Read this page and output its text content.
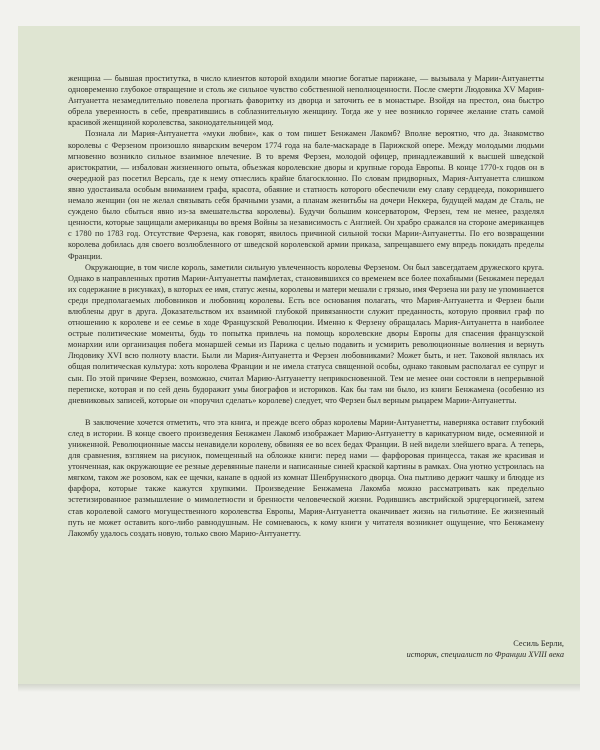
женщина — бывшая проститутка, в число клиентов которой входили многие богатые парижане, — вызывала у Марии-Антуанетты одновременно глубокое отвращение и столь же сильное чувство собственной неполноценности. После смерти Людовика XV Мария-Антуанетта незамедлительно повелела прогнать фаворитку из дворца и заточить ее в монастыре. Взойдя на престол, она быстро обрела уверенность в себе, превратившись в соблазнительную женщину. Тогда же у нее возникло горячее желание стать самой красивой женщиной королевства, законодательницей мод.

Познала ли Мария-Антуанетта «муки любви», как о том пишет Бенжамен Лакомб? Вполне вероятно, что да. Знакомство королевы с Ферзеном произошло январским вечером 1774 года на бале-маскараде в Парижской опере. Между молодыми людьми мгновенно возникло сильное взаимное влечение. В то время Ферзен, молодой офицер, принадлежавший к высшей шведской аристократии, — избалован жизненного опыта, объезжая королевские дворы и крупные города Европы. В конце 1770-х годов он в очередной раз посетил Версаль, где к нему отнеслись крайне благосклонно. По словам придворных, Мария-Антуанетта слишком явно удостаивала особым вниманием графа, красота, обаяние и статность которого обеспечили ему славу сердцееда, покорившего немало женщин (он не желал связывать себя брачными узами, а планам женитьбы на дочери Неккера, будущей мадам де Сталь, не суждено было сбыться явно из-за вмешательства королевы). Будучи большим консерватором, Ферзен, тем не менее, разделял ценности, которые защищали американцы во время Войны за независимость с Англией. Он храбро сражался на стороне американцев с 1780 по 1783 год. Отсутствие Ферзена, как говорят, явилось причиной сильной тоски Марии-Антуанетты. По его возвращении королева добилась для своего возлюбленного от шведской королевской армии приказа, запрещавшего ему впредь покидать пределы Франции.

Окружающие, в том числе король, заметили сильную увлеченность королевы Ферзеном. Он был завсегдатаем дружеского круга. Однако в направленных против Марии-Антуанетты памфлетах, становившихся со временем все более похабными (Бенжамен передал их содержание в рисунках), в которых ее имя, статус жены, королевы и матери мешали с грязью, имя Ферзена ни разу не упоминается среди предполагаемых любовников и любовниц королевы. Есть все основания полагать, что Мария-Антуанетта и Ферзен были влюблены друг в друга. Доказательством их взаимной глубокой привязанности служит преданность, которую проявил граф по отношению к королеве и ее семье в ходе Французской Революции. Именно к Ферзену обращалась Мария-Антуанетта в наиболее острые политические моменты, будь то попытка привлечь на помощь королевские дворы Европы для спасения французской монархии или организация побега монаршей семьи из Парижа с целью подавить и усмирить революционные волнения и вернуть Людовику XVI всю полноту власти. Были ли Мария-Антуанетта и Ферзен любовниками? Может быть, и нет. Таковой являлась их общая политическая культура: хоть королева Франции и не имела статуса священной особы, однако таковым располагал ее супруг и сын. По этой причине Ферзен, возможно, считал Марию-Антуанетту неприкосновенной. Тем не менее они состояли в непрерывной переписке, которая и по сей день будоражит умы биографов и историков. Как бы там ни было, из книги Бенжамена (особенно из дневниковых записей, которые он «поручил сделать» королеве) следует, что Ферзен был верным рыцарем Марии-Антуанетты.

В заключение хочется отметить, что эта книга, и прежде всего образ королевы Марии-Антуанетты, наверняка оставит глубокий след в истории. В конце своего произведения Бенжамен Лакомб изображает Марию-Антуанетту в карикатурном виде, осмеянной и униженной. Революционные массы ненавидели королеву, обвиняя ее во всех бедах Франции. В ней видели злейшего врага. А теперь, для сравнения, взглянем на рисунок, помещенный на обложке книги: перед нами — фарфоровая принцесса, такая же красивая и утонченная, как окружающие ее резные деревянные панели и написанные синей краской картины в рамках. Она уютно устроилась на мягком, таком же розовом, как ее щечки, канапе в одной из комнат Шенбруннского дворца. Она пытливо держит чашку и блюдце из фарфора, которые также кажутся хрупкими. Произведение Бенжамена Лакомба можно рассматривать как предельно эстетизированное размышление о мимолетности и бренности человеческой жизни. Родившись австрийской эрцгерцогиней, затем став королевой самого могущественного королевства Европы, Мария-Антуанетта оканчивает жизнь на гильотине. Ее жизненный путь не может оставить кого-либо равнодушным. Не сомневаюсь, к кому книги у читателя возникнет ощущение, что Бенжамену Лакомбу удалось создать новую, только свою Марию-Антуанетту.

Сесиль Берли,
историк, специалист по Франции XVIII века
